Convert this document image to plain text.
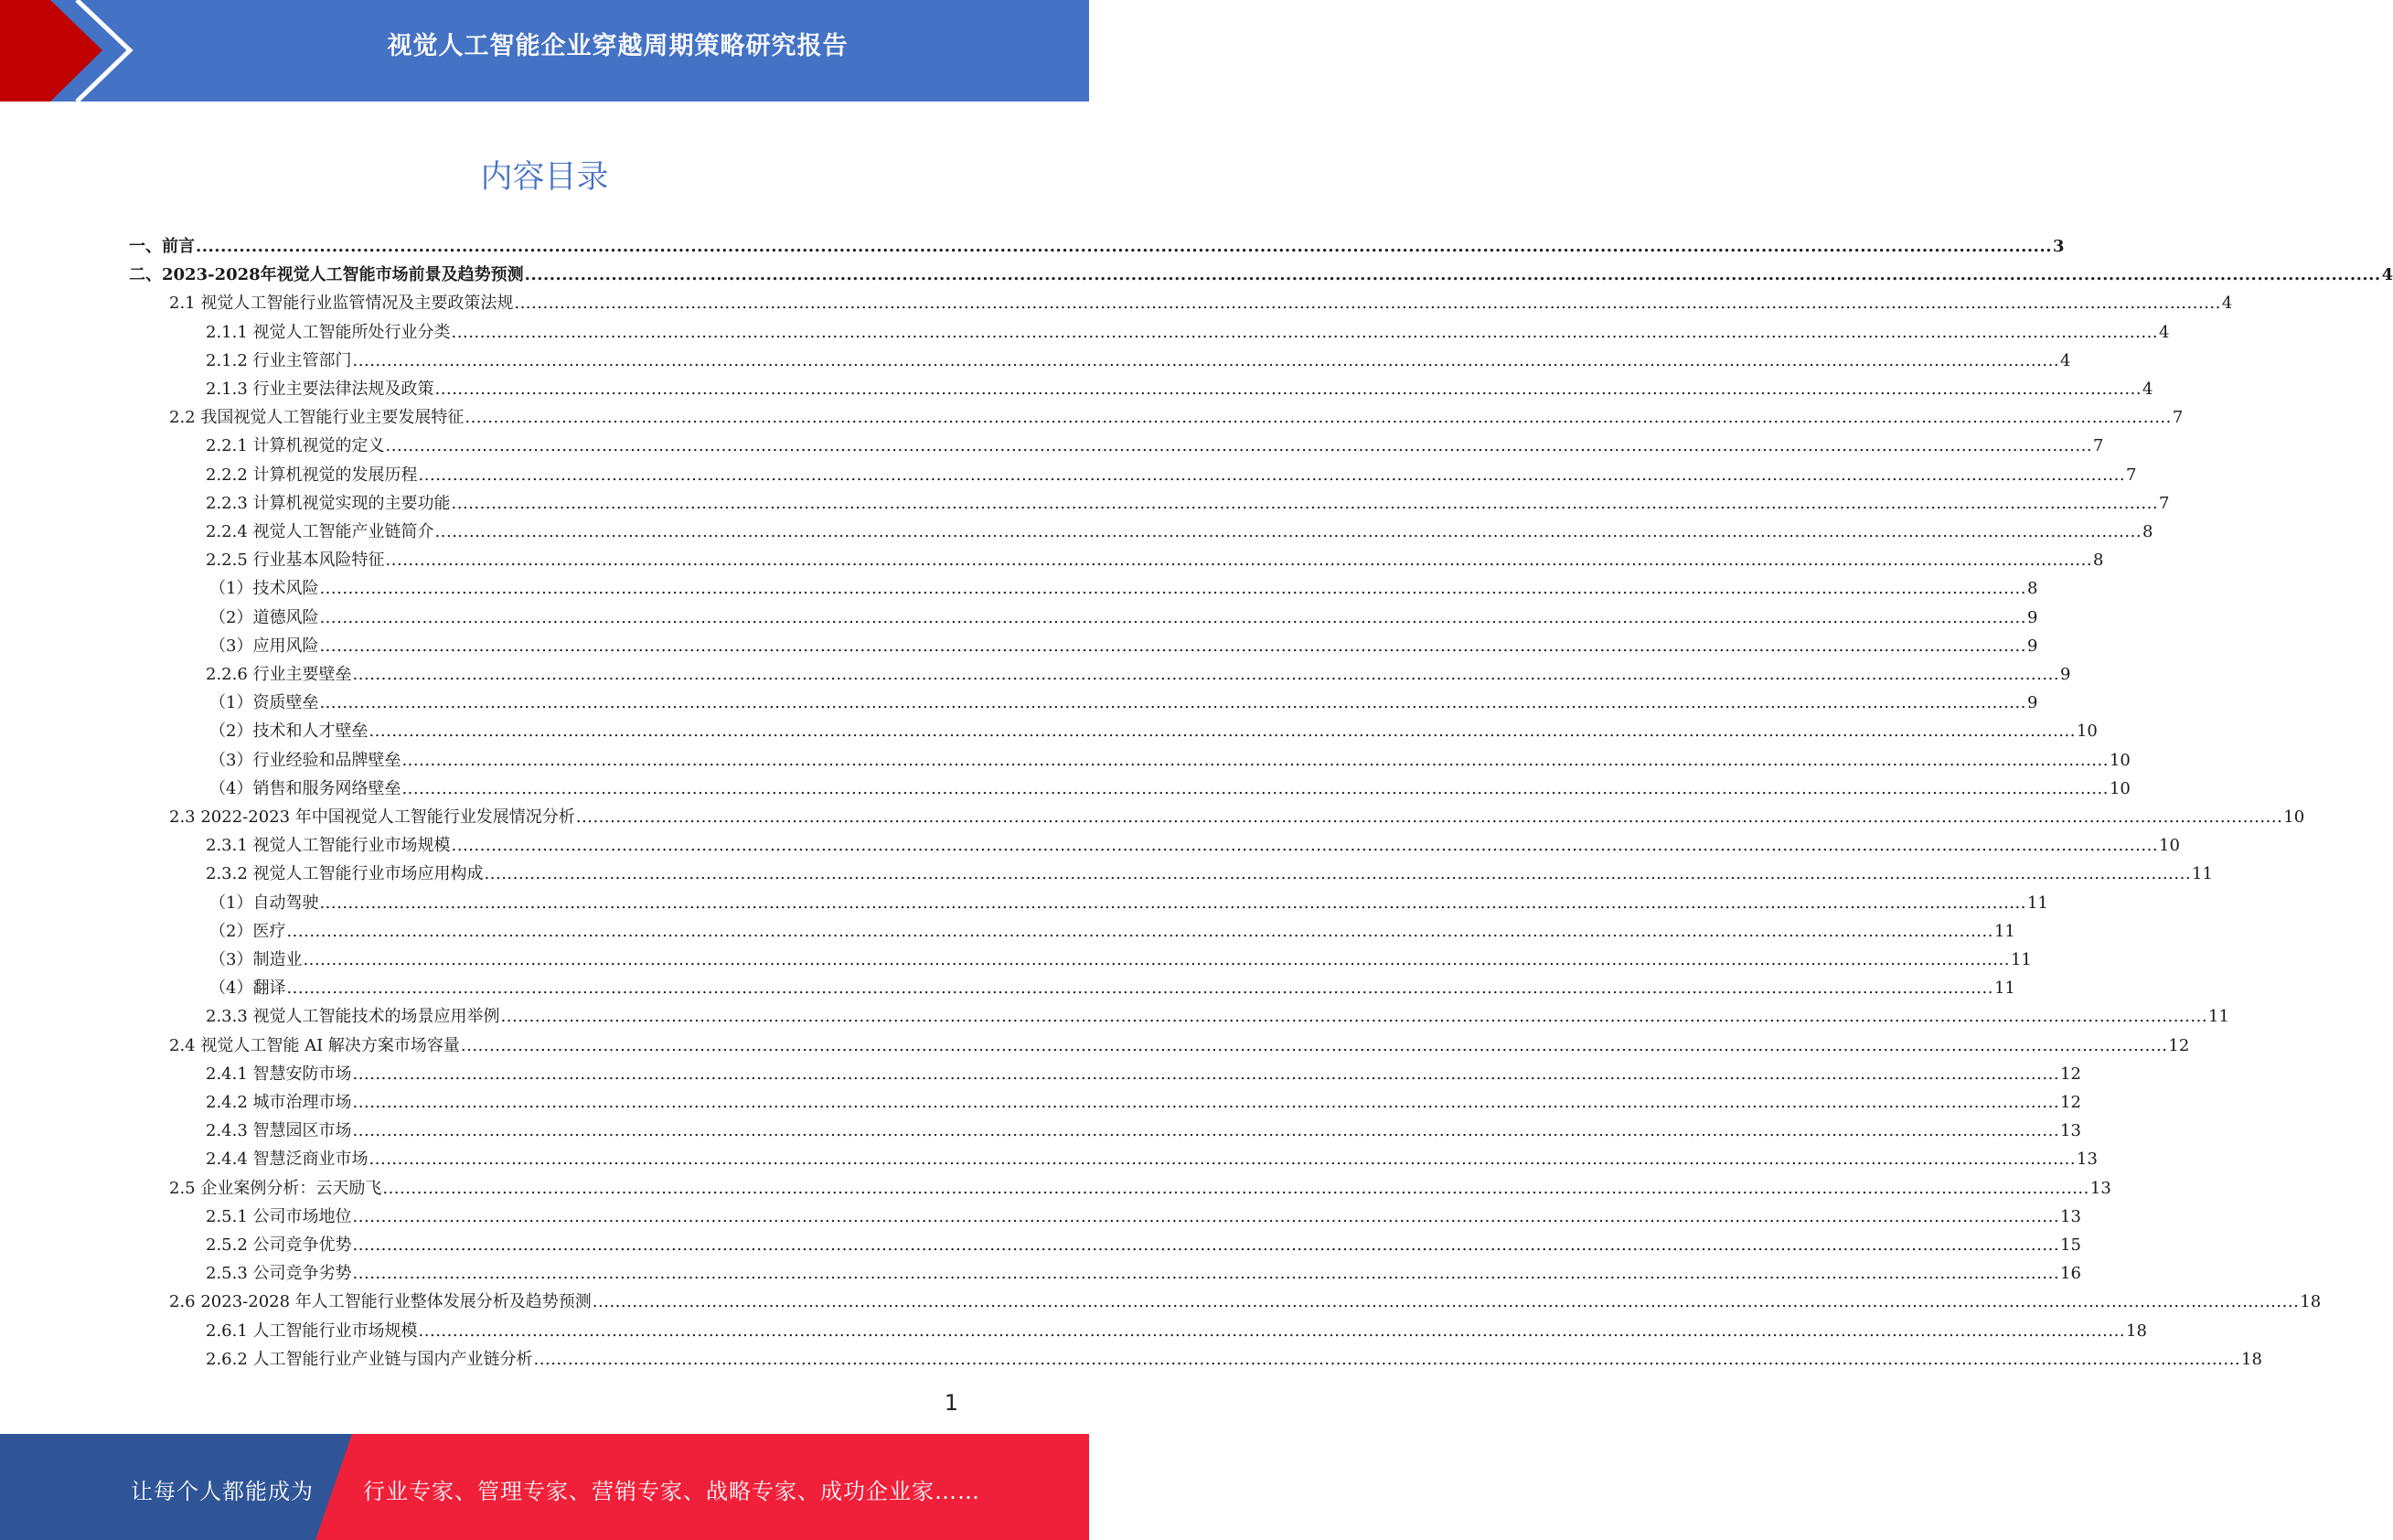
视觉人工智能企业穿越周期策略研究报告
内容目录
一、前言 ............................................................................................................................................................................................................................................................................................................ 3
二、2023-2028年视觉人工智能市场前景及趋势预测 ............................................................................................................................................................................................................................................................................................................ 4
2.1 视觉人工智能行业监管情况及主要政策法规 ............................................................................................................................................................................................................................................................................................................ 4
2.1.1 视觉人工智能所处行业分类 ............................................................................................................................................................................................................................................................................................................ 4
2.1.2 行业主管部门 ............................................................................................................................................................................................................................................................................................................ 4
2.1.3 行业主要法律法规及政策 ............................................................................................................................................................................................................................................................................................................ 4
2.2 我国视觉人工智能行业主要发展特征 ............................................................................................................................................................................................................................................................................................................ 7
2.2.1 计算机视觉的定义 ............................................................................................................................................................................................................................................................................................................ 7
2.2.2 计算机视觉的发展历程 ............................................................................................................................................................................................................................................................................................................ 7
2.2.3 计算机视觉实现的主要功能 ............................................................................................................................................................................................................................................................................................................ 7
2.2.4 视觉人工智能产业链简介 ............................................................................................................................................................................................................................................................................................................ 8
2.2.5 行业基本风险特征 ............................................................................................................................................................................................................................................................................................................ 8
（1）技术风险 ............................................................................................................................................................................................................................................................................................................ 8
（2）道德风险 ............................................................................................................................................................................................................................................................................................................ 9
（3）应用风险 ............................................................................................................................................................................................................................................................................................................ 9
2.2.6 行业主要壁垒 ............................................................................................................................................................................................................................................................................................................ 9
（1）资质壁垒 ............................................................................................................................................................................................................................................................................................................ 9
（2）技术和人才壁垒 ............................................................................................................................................................................................................................................................................................................ 10
（3）行业经验和品牌壁垒 ............................................................................................................................................................................................................................................................................................................ 10
（4）销售和服务网络壁垒 ............................................................................................................................................................................................................................................................................................................ 10
2.3 2022-2023 年中国视觉人工智能行业发展情况分析 ............................................................................................................................................................................................................................................................................................................ 10
2.3.1 视觉人工智能行业市场规模 ............................................................................................................................................................................................................................................................................................................ 10
2.3.2 视觉人工智能行业市场应用构成 ............................................................................................................................................................................................................................................................................................................ 11
（1）自动驾驶 ............................................................................................................................................................................................................................................................................................................ 11
（2）医疗 ............................................................................................................................................................................................................................................................................................................ 11
（3）制造业 ............................................................................................................................................................................................................................................................................................................ 11
（4）翻译 ............................................................................................................................................................................................................................................................................................................ 11
2.3.3 视觉人工智能技术的场景应用举例 ............................................................................................................................................................................................................................................................................................................ 11
2.4 视觉人工智能 AI 解决方案市场容量 ............................................................................................................................................................................................................................................................................................................ 12
2.4.1 智慧安防市场 ............................................................................................................................................................................................................................................................................................................ 12
2.4.2 城市治理市场 ............................................................................................................................................................................................................................................................................................................ 12
2.4.3 智慧园区市场 ............................................................................................................................................................................................................................................................................................................ 13
2.4.4 智慧泛商业市场 ............................................................................................................................................................................................................................................................................................................ 13
2.5 企业案例分析：云天励飞 ............................................................................................................................................................................................................................................................................................................ 13
2.5.1 公司市场地位 ............................................................................................................................................................................................................................................................................................................ 13
2.5.2 公司竞争优势 ............................................................................................................................................................................................................................................................................................................ 15
2.5.3 公司竞争劣势 ............................................................................................................................................................................................................................................................................................................ 16
2.6 2023-2028 年人工智能行业整体发展分析及趋势预测 ............................................................................................................................................................................................................................................................................................................ 18
2.6.1 人工智能行业市场规模 ............................................................................................................................................................................................................................................................................................................ 18
2.6.2 人工智能行业产业链与国内产业链分析 ............................................................................................................................................................................................................................................................................................................ 18
1
让每个人都能成为 行业专家、管理专家、营销专家、战略专家、成功企业家……
